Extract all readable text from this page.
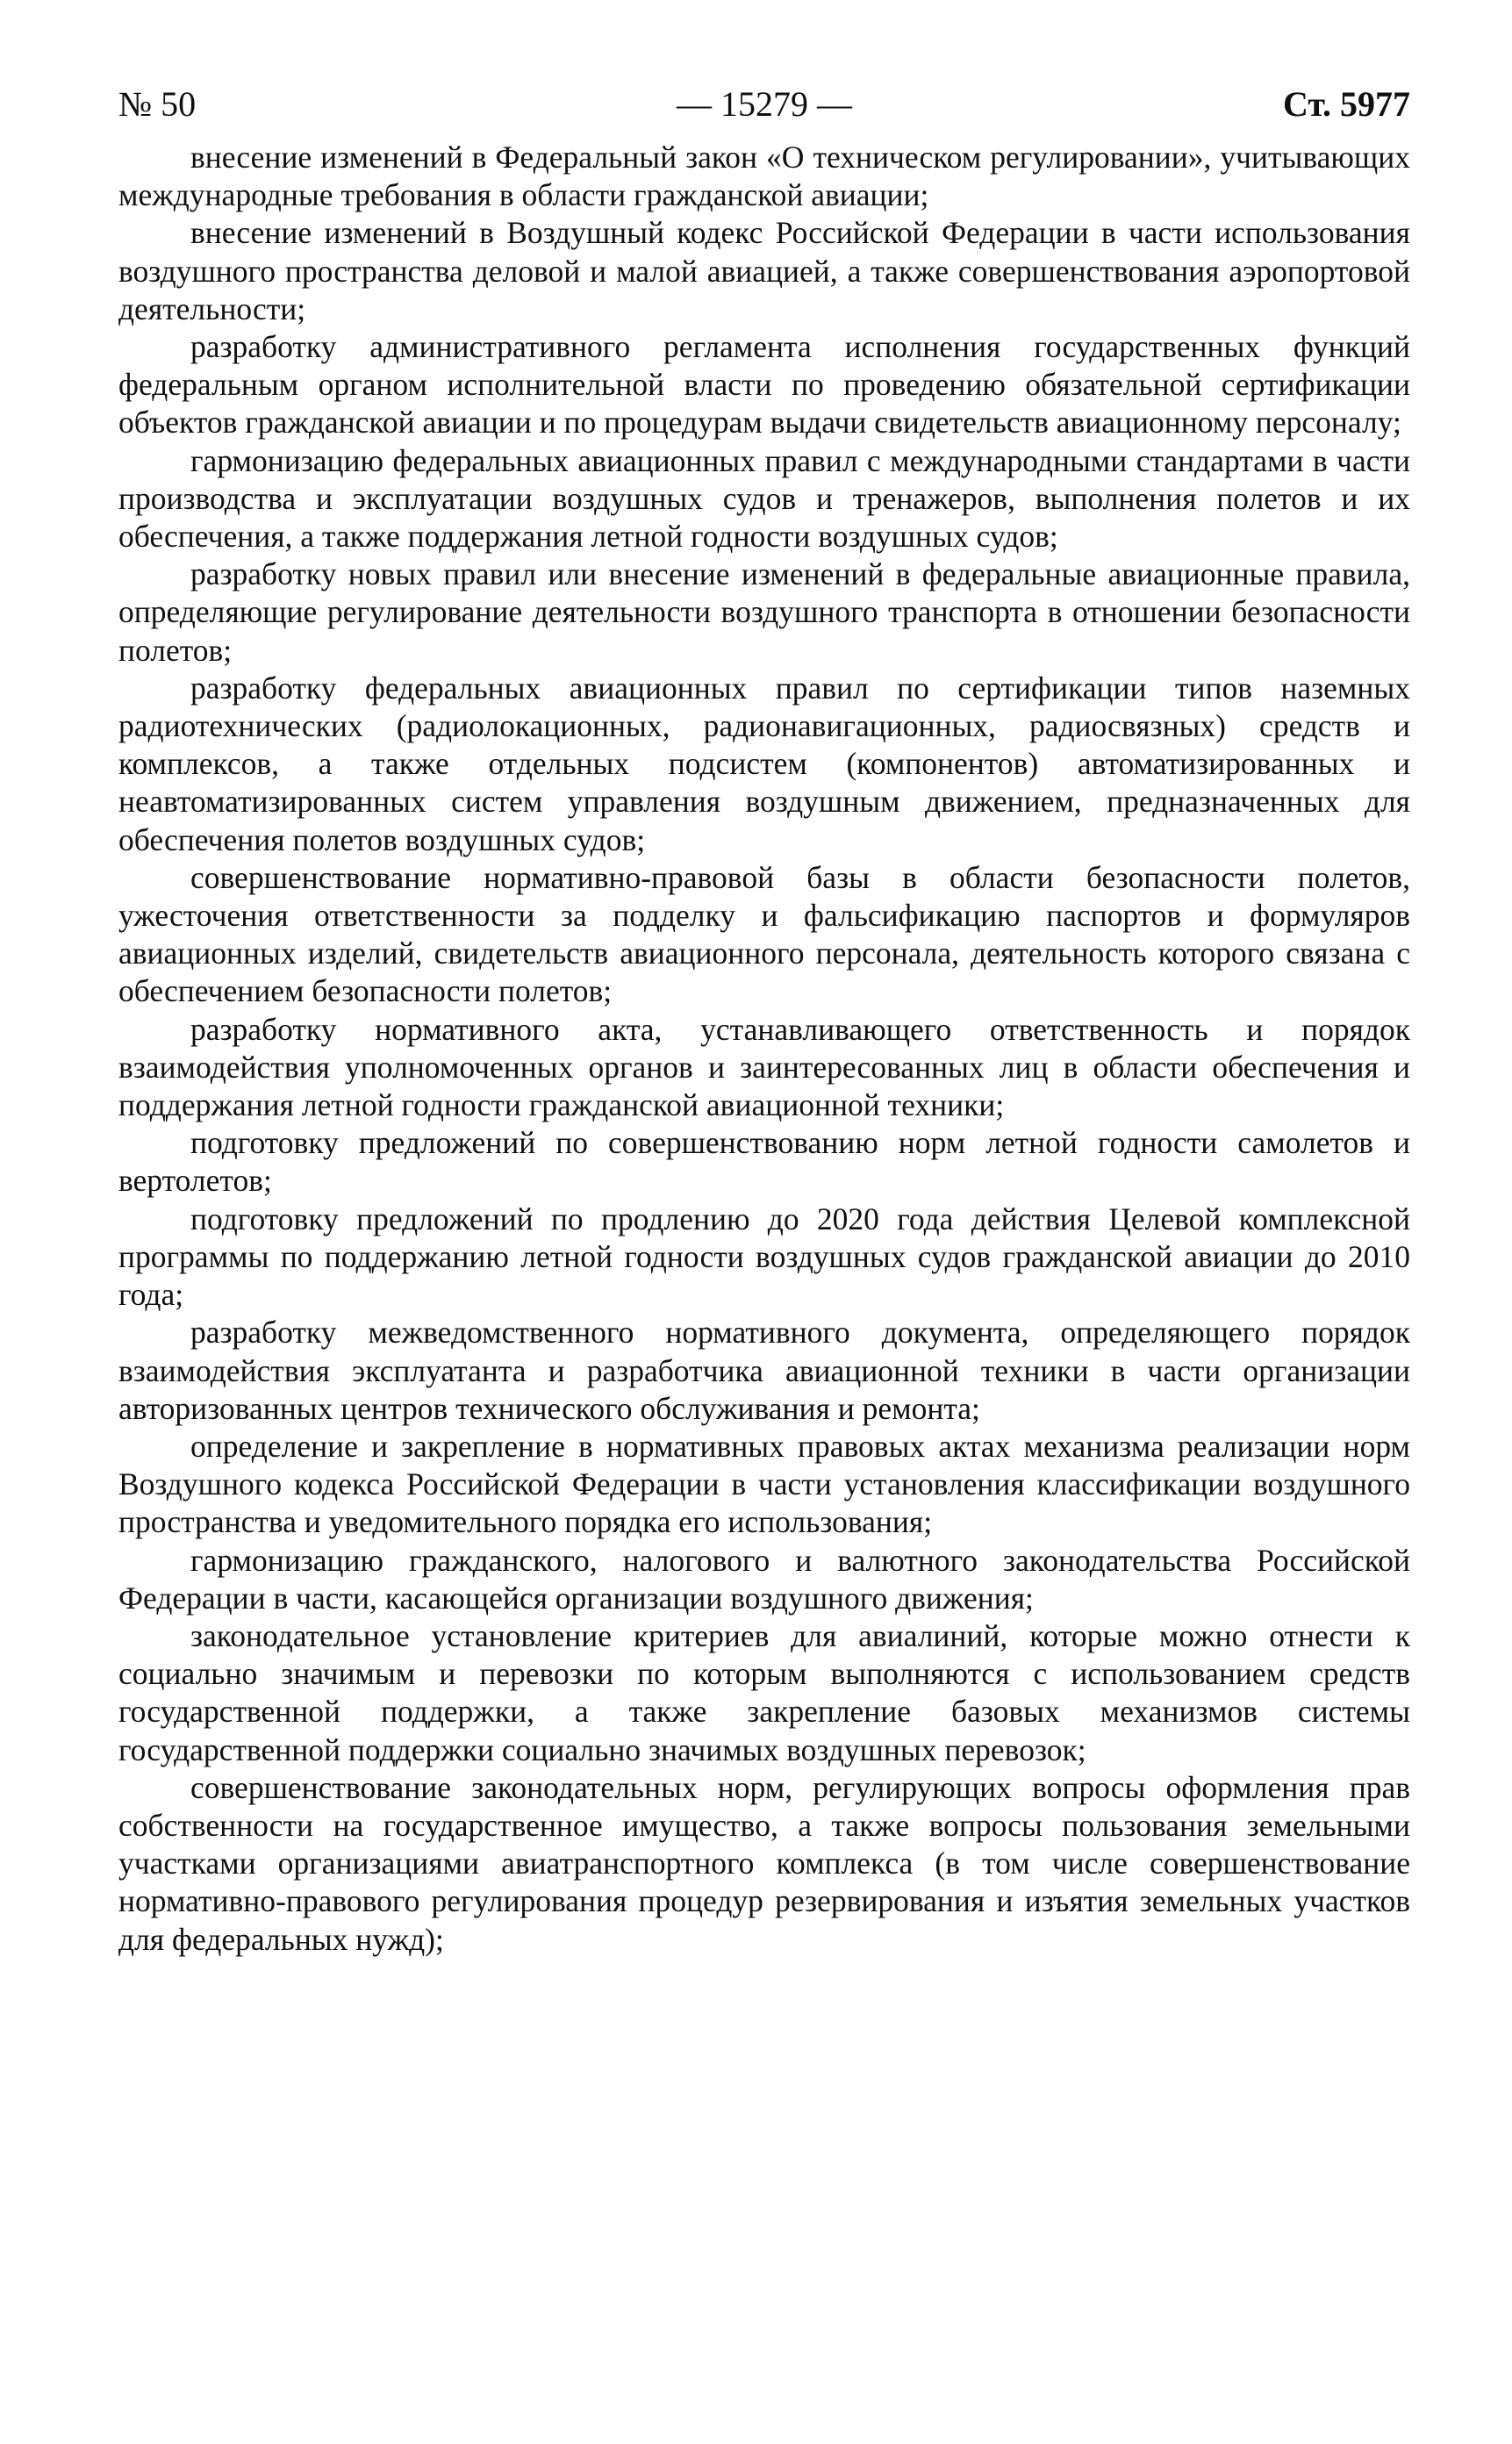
№ 50	— 15279 —	Ст. 5977

внесение изменений в Федеральный закон «О техническом регулировании», учитывающих международные требования в области гражданской авиации;

внесение изменений в Воздушный кодекс Российской Федерации в части использования воздушного пространства деловой и малой авиацией, а также совершенствования аэропортовой деятельности;

разработку административного регламента исполнения государственных функций федеральным органом исполнительной власти по проведению обязательной сертификации объектов гражданской авиации и по процедурам выдачи свидетельств авиационному персоналу;

гармонизацию федеральных авиационных правил с международными стандартами в части производства и эксплуатации воздушных судов и тренажеров, выполнения полетов и их обеспечения, а также поддержания летной годности воздушных судов;

разработку новых правил или внесение изменений в федеральные авиационные правила, определяющие регулирование деятельности воздушного транспорта в отношении безопасности полетов;

разработку федеральных авиационных правил по сертификации типов наземных радиотехнических (радиолокационных, радионавигационных, радиосвязных) средств и комплексов, а также отдельных подсистем (компонентов) автоматизированных и неавтоматизированных систем управления воздушным движением, предназначенных для обеспечения полетов воздушных судов;

совершенствование нормативно-правовой базы в области безопасности полетов, ужесточения ответственности за подделку и фальсификацию паспортов и формуляров авиационных изделий, свидетельств авиационного персонала, деятельность которого связана с обеспечением безопасности полетов;

разработку нормативного акта, устанавливающего ответственность и порядок взаимодействия уполномоченных органов и заинтересованных лиц в области обеспечения и поддержания летной годности гражданской авиационной техники;

подготовку предложений по совершенствованию норм летной годности самолетов и вертолетов;

подготовку предложений по продлению до 2020 года действия Целевой комплексной программы по поддержанию летной годности воздушных судов гражданской авиации до 2010 года;

разработку межведомственного нормативного документа, определяющего порядок взаимодействия эксплуатанта и разработчика авиационной техники в части организации авторизованных центров технического обслуживания и ремонта;

определение и закрепление в нормативных правовых актах механизма реализации норм Воздушного кодекса Российской Федерации в части установления классификации воздушного пространства и уведомительного порядка его использования;

гармонизацию гражданского, налогового и валютного законодательства Российской Федерации в части, касающейся организации воздушного движения;

законодательное установление критериев для авиалиний, которые можно отнести к социально значимым и перевозки по которым выполняются с использованием средств государственной поддержки, а также закрепление базовых механизмов системы государственной поддержки социально значимых воздушных перевозок;

совершенствование законодательных норм, регулирующих вопросы оформления прав собственности на государственное имущество, а также вопросы пользования земельными участками организациями авиатранспортного комплекса (в том числе совершенствование нормативно-правового регулирования процедур резервирования и изъятия земельных участков для федеральных нужд);
